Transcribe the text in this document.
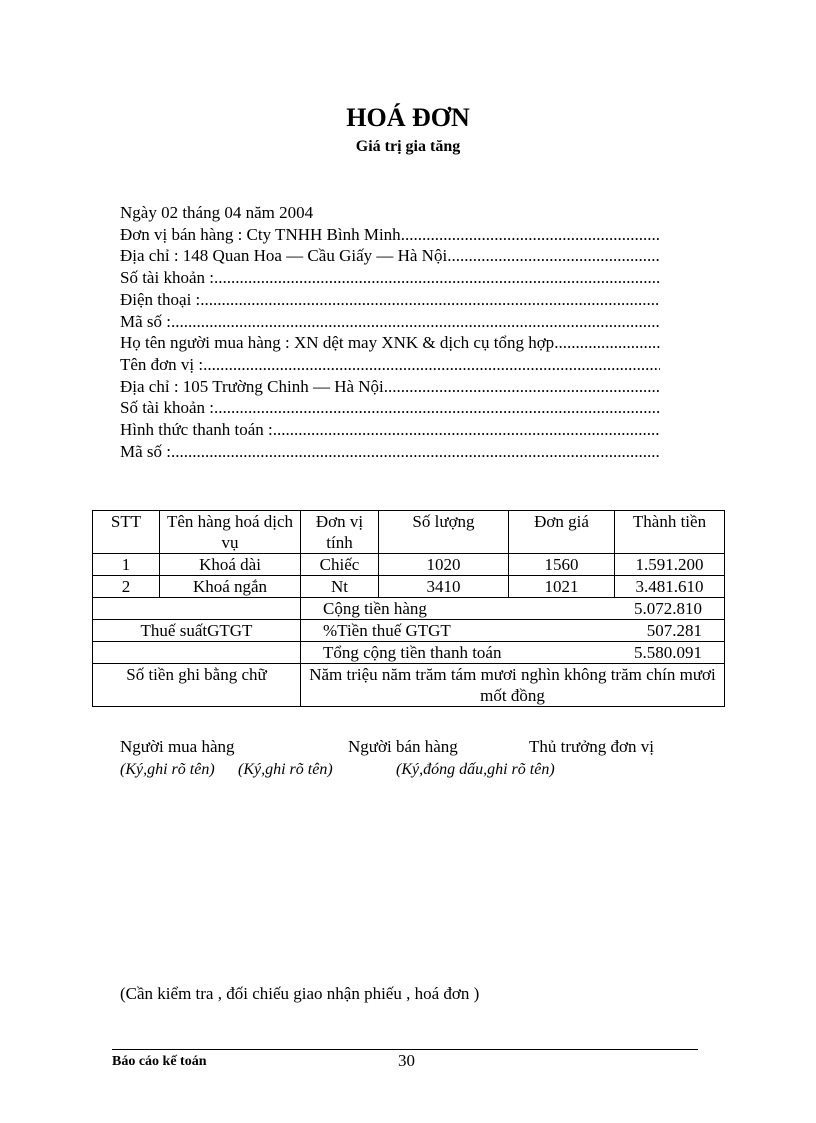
HOÁ ĐƠN
Giá trị gia tăng
Ngày 02 tháng 04 năm 2004
Đơn vị bán hàng : Cty TNHH Bình Minh
.....
Địa chỉ : 148 Quan Hoa — Cầu Giấy — Hà Nội
.....
Số tài khoản :
.....
Điện thoại :
.....
Mã số :
.....
Họ tên người mua hàng : XN dệt may XNK & dịch cụ tổng hợp
.....
Tên đơn vị :
.....
Địa chỉ : 105 Trường Chinh — Hà Nội
.....
Số tài khoản :
.....
Hình thức thanh toán :
.....
Mã số :
.....
STT	Tên hàng hoá dịch vụ	Đơn vị tính	Số lượng	Đơn giá	Thành tiền
1	Khoá dài	Chiếc	1020	1560	1.591.200
2	Khoá ngắn	Nt	3410	1021	3.481.610

		Cộng tiền hàng 5.072.810			

Thuế suấtGTGT		%Tiền thuế GTGT 507.281			

		Tổng cộng tiền thanh toán 5.580.091			

Số tiền ghi bằng chữ		Năm triệu năm trăm tám mươi nghìn không trăm chín mươi mốt đồng			
Người mua hàng	Người bán hàng	Thủ trưởng đơn vị
(Ký,ghi rõ tên) (Ký,ghi rõ tên)	(Ký,đóng dấu,ghi rõ tên)
(Cần kiểm tra , đối chiếu giao nhận phiếu , hoá đơn )
Báo cáo kế toán	30
